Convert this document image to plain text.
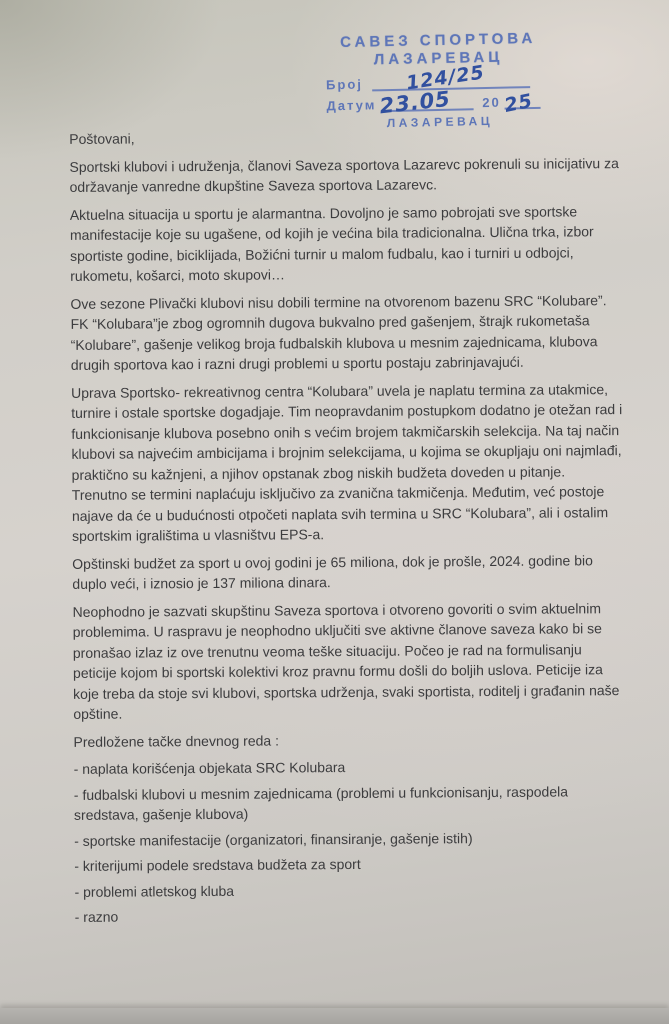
САВЕЗ СПОРТОВА
ЛАЗАРЕВАЦ
Број 124/25
Датум 23.05 20 25
ЛАЗАРЕВАЦ

Poštovani,

Sportski klubovi i udruženja, članovi Saveza sportova Lazarevc pokrenuli su inicijativu za održavanje vanredne dkupštine Saveza sportova Lazarevc.

Aktuelna situacija u sportu je alarmantna. Dovoljno je samo pobrojati sve sportske manifestacije koje su ugašene, od kojih je većina bila tradicionalna. Ulična trka, izbor sportiste godine, biciklijada, Božićni turnir u malom fudbalu, kao i turniri u odbojci, rukometu, košarci, moto skupovi…

Ove sezone Plivački klubovi nisu dobili termine na otvorenom bazenu SRC “Kolubare”. FK “Kolubara”je zbog ogromnih dugova bukvalno pred gašenjem, štrajk rukometaša “Kolubare”, gašenje velikog broja fudbalskih klubova u mesnim zajednicama, klubova drugih sportova kao i razni drugi problemi u sportu postaju zabrinjavajući.

Uprava Sportsko- rekreativnog centra “Kolubara” uvela je naplatu termina za utakmice, turnire i ostale sportske dogadjaje. Tim neopravdanim postupkom dodatno je otežan rad i funkcionisanje klubova posebno onih s većim brojem takmičarskih selekcija. Na taj način klubovi sa najvećim ambicijama i brojnim selekcijama, u kojima se okupljaju oni najmlađi, praktično su kažnjeni, a njihov opstanak zbog niskih budžeta doveden u pitanje. Trenutno se termini naplaćuju isključivo za zvanična takmičenja. Međutim, već postoje najave da će u budućnosti otpočeti naplata svih termina u SRC “Kolubara”, ali i ostalim sportskim igralištima u vlasništvu EPS-a.

Opštinski budžet za sport u ovoj godini je 65 miliona, dok je prošle, 2024. godine bio duplo veći, i iznosio je 137 miliona dinara.

Neophodno je sazvati skupštinu Saveza sportova i otvoreno govoriti o svim aktuelnim problemima. U raspravu je neophodno uključiti sve aktivne članove saveza kako bi se pronašao izlaz iz ove trenutnu veoma teške situaciju. Počeo je rad na formulisanju peticije kojom bi sportski kolektivi kroz pravnu formu došli do boljih uslova. Peticije iza koje treba da stoje svi klubovi, sportska udrženja, svaki sportista, roditelj i građanin naše opštine.

Predložene tačke dnevnog reda :

- naplata korišćenja objekata SRC Kolubara

- fudbalski klubovi u mesnim zajednicama (problemi u funkcionisanju, raspodela sredstava, gašenje klubova)

- sportske manifestacije (organizatori, finansiranje, gašenje istih)

- kriterijumi podele sredstava budžeta za sport

- problemi atletskog kluba

- razno
